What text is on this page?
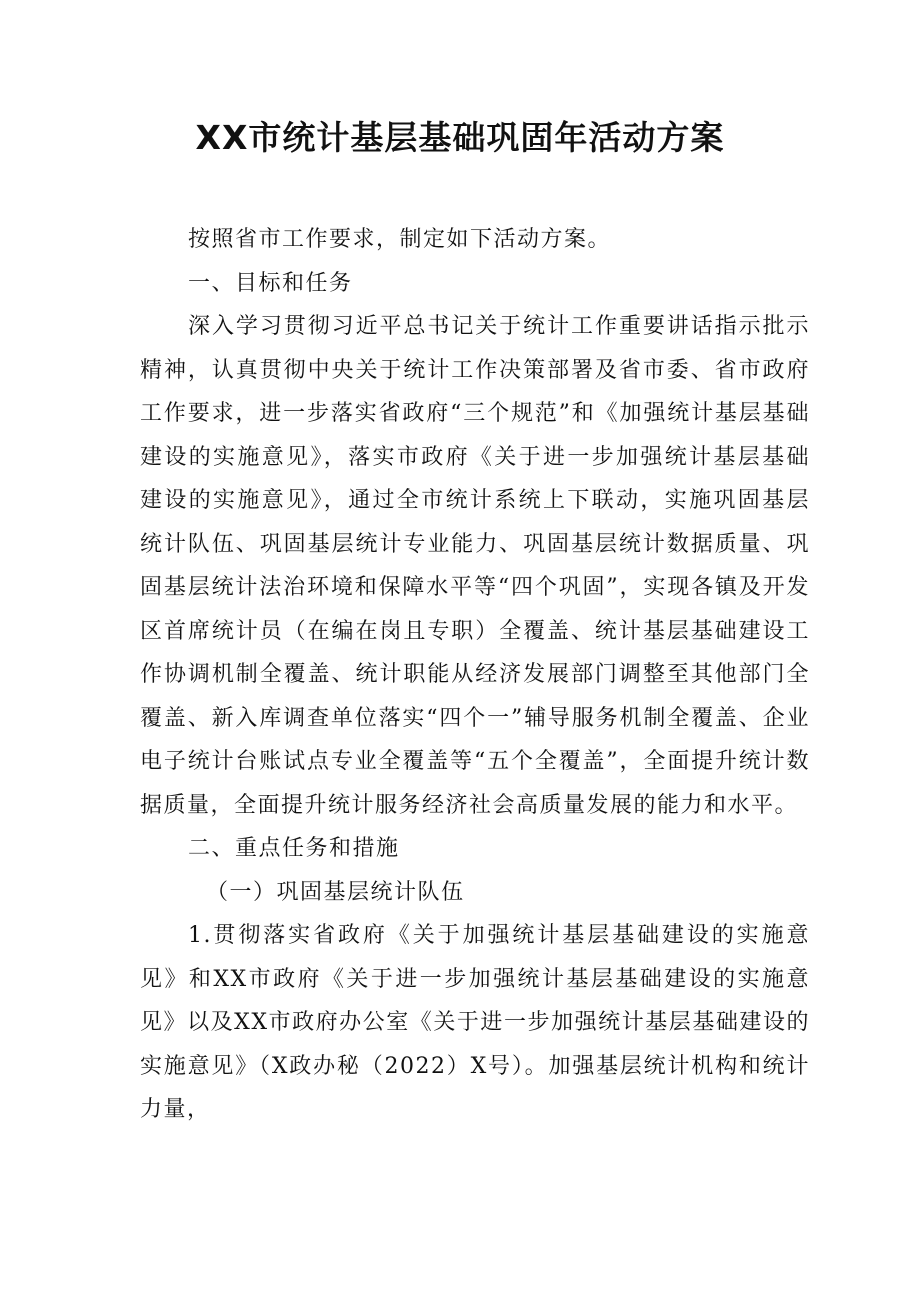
XX市统计基层基础巩固年活动方案

按照省市工作要求，制定如下活动方案。

一、目标和任务

深入学习贯彻习近平总书记关于统计工作重要讲话指示批示精神，认真贯彻中央关于统计工作决策部署及省市委、省市政府工作要求，进一步落实省政府“三个规范”和《加强统计基层基础建设的实施意见》，落实市政府《关于进一步加强统计基层基础建设的实施意见》，通过全市统计系统上下联动，实施巩固基层统计队伍、巩固基层统计专业能力、巩固基层统计数据质量、巩固基层统计法治环境和保障水平等“四个巩固”，实现各镇及开发区首席统计员（在编在岗且专职）全覆盖、统计基层基础建设工作协调机制全覆盖、统计职能从经济发展部门调整至其他部门全覆盖、新入库调查单位落实“四个一”辅导服务机制全覆盖、企业电子统计台账试点专业全覆盖等“五个全覆盖”，全面提升统计数据质量，全面提升统计服务经济社会高质量发展的能力和水平。

二、重点任务和措施

（一）巩固基层统计队伍

1.贯彻落实省政府《关于加强统计基层基础建设的实施意见》和XX市政府《关于进一步加强统计基层基础建设的实施意见》以及XX市政府办公室《关于进一步加强统计基层基础建设的实施意见》（X政办秘（2022）X号）。加强基层统计机构和统计力量，
